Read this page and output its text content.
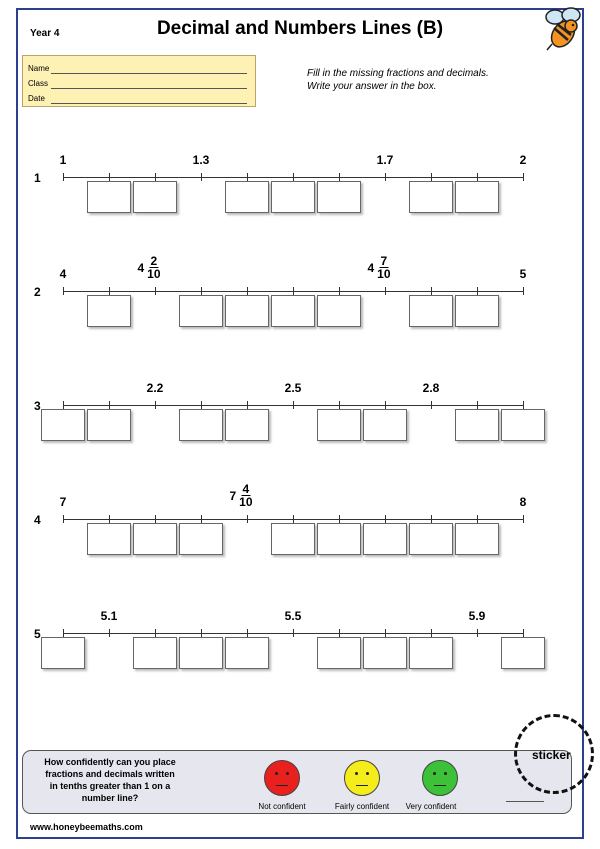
Year 4	Decimal and Numbers Lines (B)
Name
Class
Date
Fill in the missing fractions and decimals.
Write your answer in the box.
1
1	1.3	1.7	2
2
4	5
$4 \frac{2}{10}$	$4 \frac{7}{10}$
3
2.2	2.5	2.8
4
7	8
$7 \frac{4}{10}$
5
5.1	5.5	5.9
How confidently can you place fractions and decimals written in tenths greater than 1 on a number line?
Not confident	Fairly confident Very confident
sticker
www.honeybeemaths.com
